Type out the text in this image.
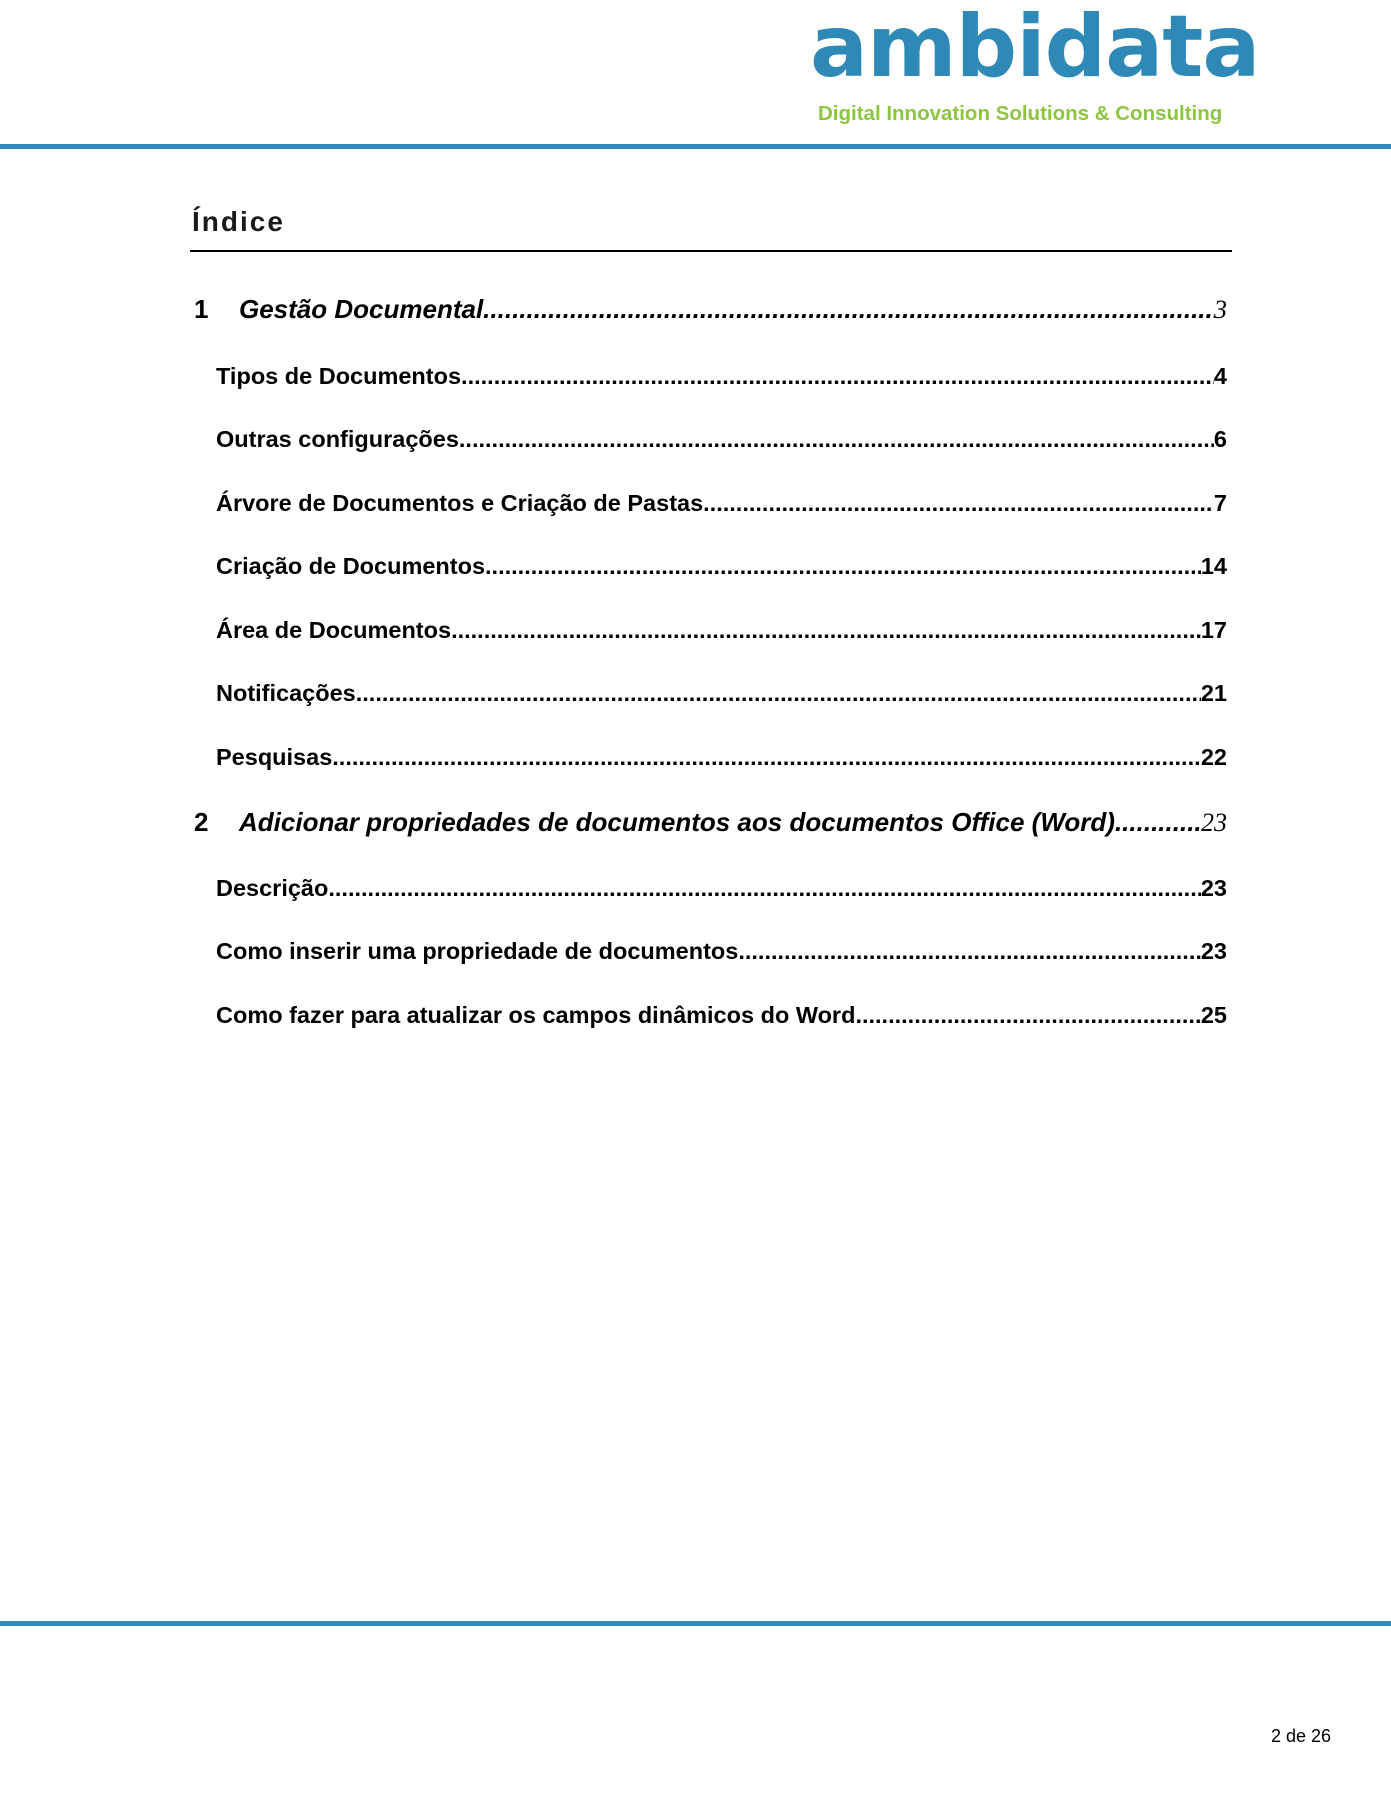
ambidata
Digital Innovation Solutions & Consulting
Índice
1	Gestão Documental .....	3
Tipos de Documentos .....	4
Outras configurações .....	6
Árvore de Documentos e Criação de Pastas .....	7
Criação de Documentos .....	14
Área de Documentos .....	17
Notificações .....	21
Pesquisas .....	22
2	Adicionar propriedades de documentos aos documentos Office (Word) .....	23
Descrição .....	23
Como inserir uma propriedade de documentos .....	23
Como fazer para atualizar os campos dinâmicos do Word .....	25
2 de 26
